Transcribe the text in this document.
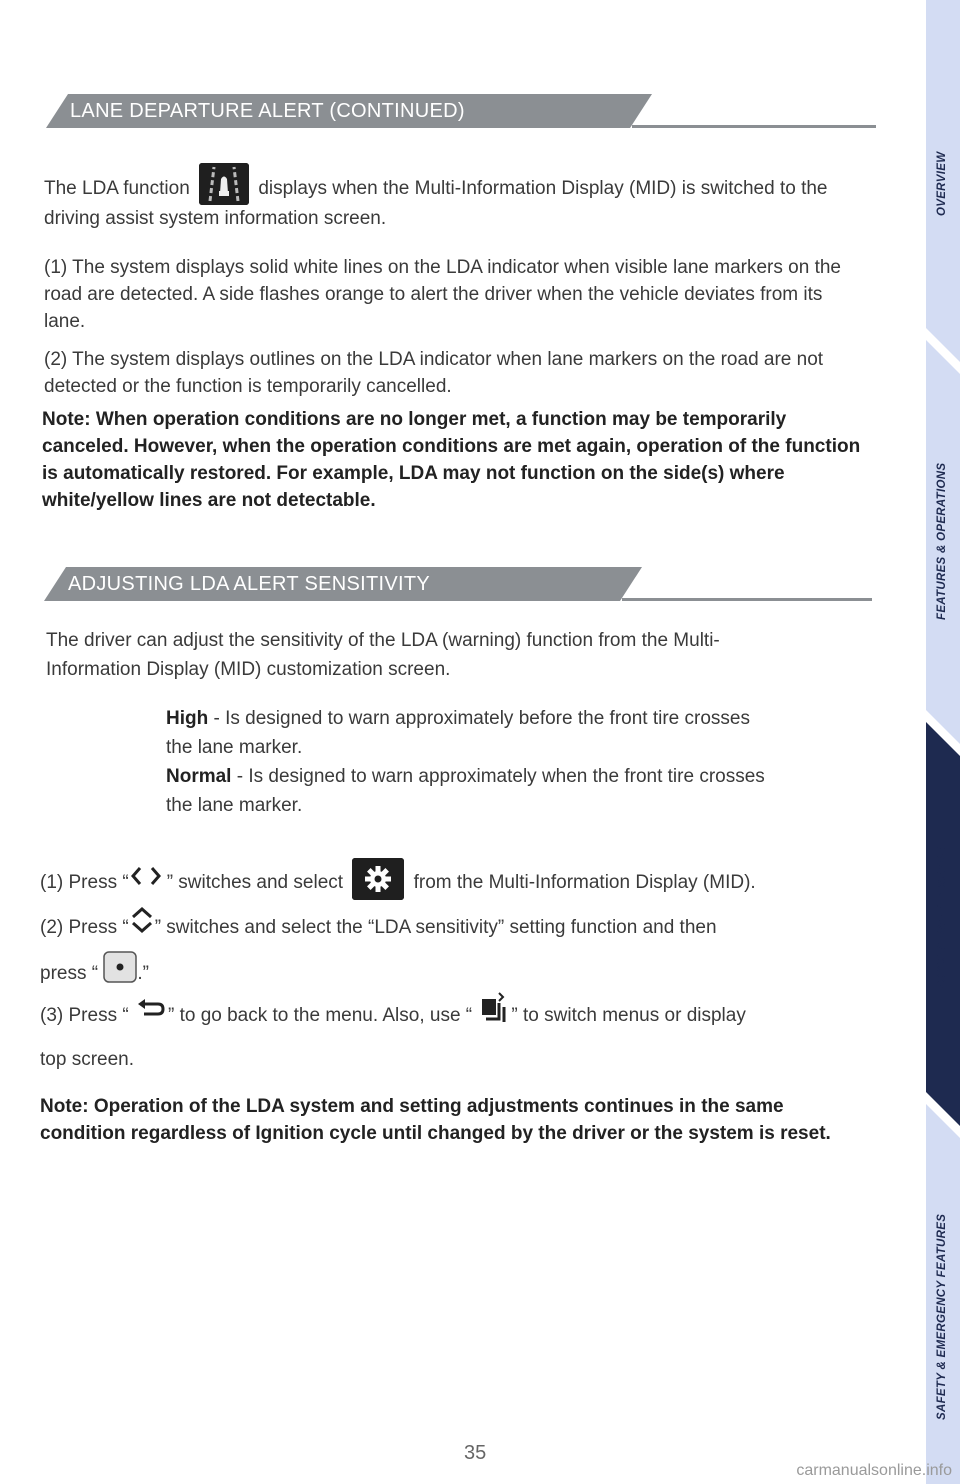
LANE DEPARTURE ALERT (CONTINUED)
The LDA function	displays when the Multi-Information Display (MID) is switched to the driving assist system information screen.

(1) The system displays solid white lines on the LDA indicator when visible lane markers on the road are detected. A side flashes orange to alert the driver when the vehicle deviates from its lane.

(2) The system displays outlines on the LDA indicator when lane markers on the road are not detected or the function is temporarily cancelled.

Note: When operation conditions are no longer met, a function may be temporarily canceled. However, when the operation conditions are met again, operation of the function is automatically restored. For example, LDA may not function on the side(s) where white/yellow lines are not detectable.

ADJUSTING LDA ALERT SENSITIVITY

The driver can adjust the sensitivity of the LDA (warning) function from the Multi-Information Display (MID) customization screen.

High - Is designed to warn approximately before the front tire crosses the lane marker.
Normal - Is designed to warn approximately when the front tire crosses the lane marker.
(1) Press “ ” switches and select	from the Multi-Information Display (MID).
(2) Press “ ” switches and select the “LDA sensitivity” setting function and then
press “ .”
(3) Press “ ” to go back to the menu. Also, use “ ” to switch menus or display

top screen.

Note: Operation of the LDA system and setting adjustments continues in the same condition regardless of Ignition cycle until changed by the driver or the system is reset.

OVERVIEW
FEATURES & OPERATIONS
TOYOTA SAFETY SENSE
SAFETY & EMERGENCY FEATURES
35
carmanualsonline.info
